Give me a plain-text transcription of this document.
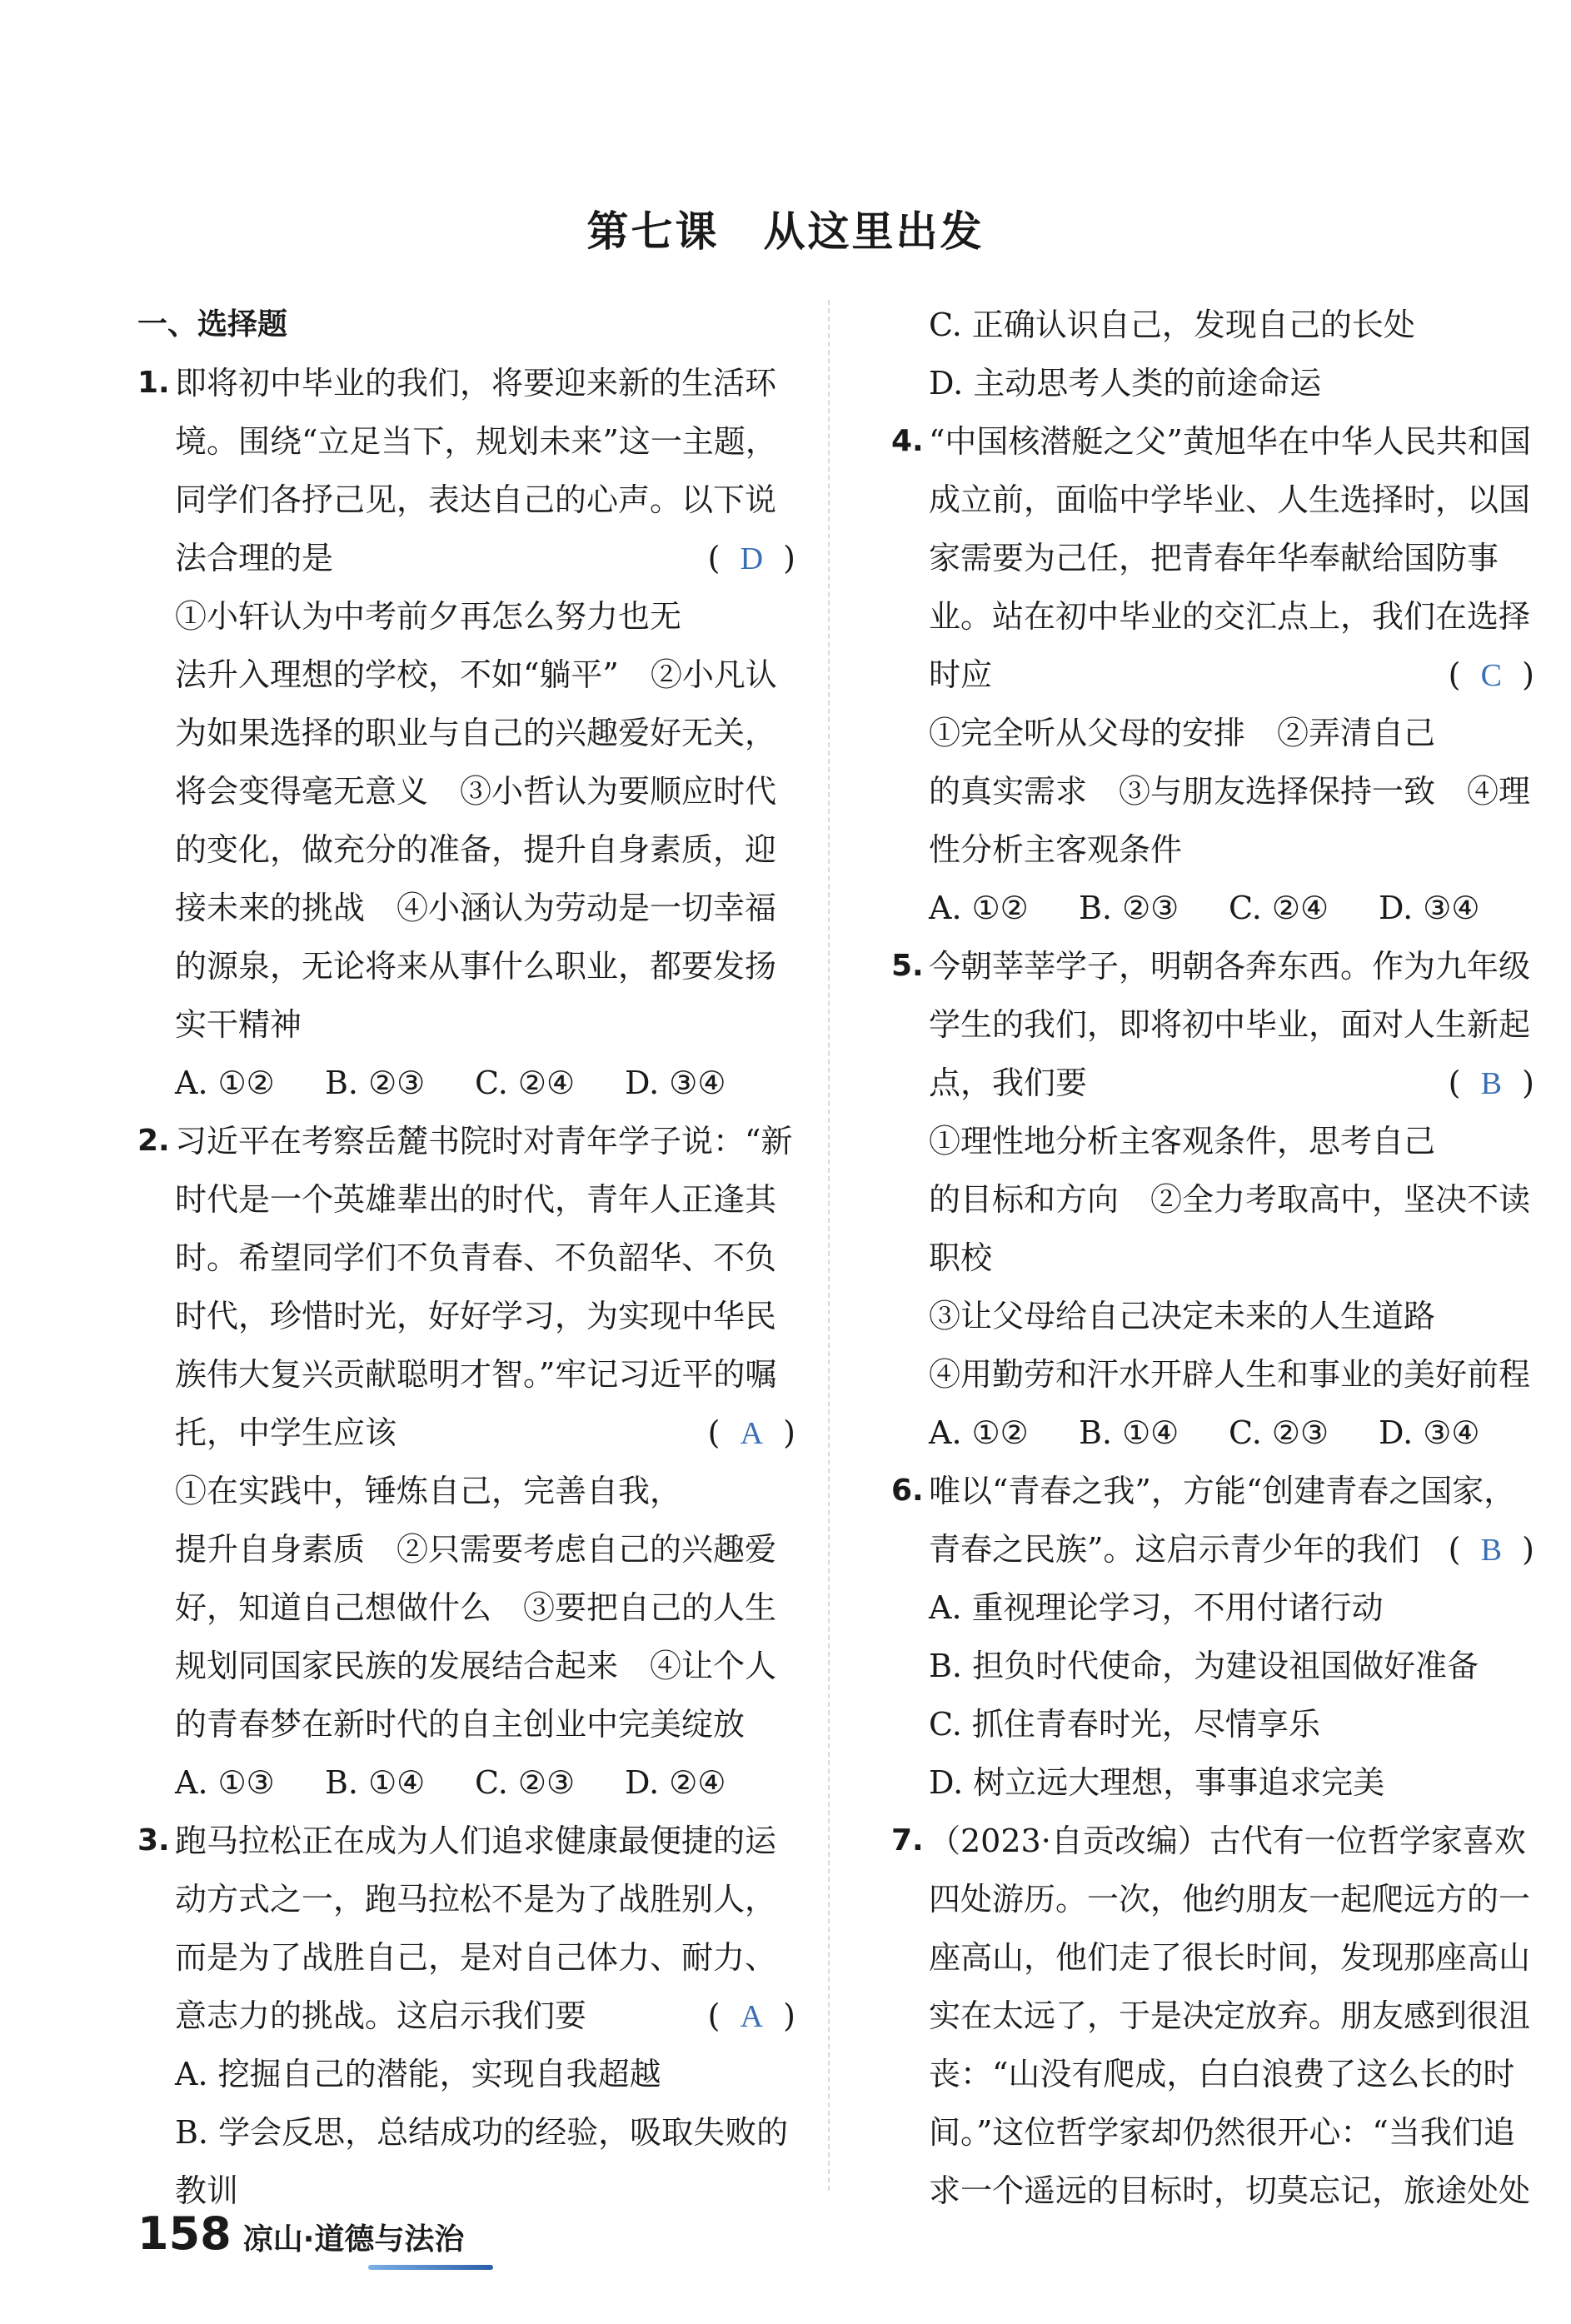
第七课　从这里出发
一、选择题
1. 即将初中毕业的我们，将要迎来新的生活环境。围绕“立足当下，规划未来”这一主题，同学们各抒己见，表达自己的心声。以下说法合理的是	(  D  )
①小轩认为中考前夕再怎么努力也无法升入理想的学校，不如“躺平”　②小凡认为如果选择的职业与自己的兴趣爱好无关，将会变得毫无意义　③小哲认为要顺应时代的变化，做充分的准备，提升自身素质，迎接未来的挑战　④小涵认为劳动是一切幸福的源泉，无论将来从事什么职业，都要发扬实干精神
A. ①②	B. ②③	C. ②④	D. ③④
2. 习近平在考察岳麓书院时对青年学子说：“新时代是一个英雄辈出的时代，青年人正逢其时。希望同学们不负青春、不负韶华、不负时代，珍惜时光，好好学习，为实现中华民族伟大复兴贡献聪明才智。”牢记习近平的嘱托，中学生应该	(  A  )
①在实践中，锤炼自己，完善自我，提升自身素质　②只需要考虑自己的兴趣爱好，知道自己想做什么　③要把自己的人生规划同国家民族的发展结合起来　④让个人的青春梦在新时代的自主创业中完美绽放
A. ①③	B. ①④	C. ②③	D. ②④
3. 跑马拉松正在成为人们追求健康最便捷的运动方式之一，跑马拉松不是为了战胜别人，而是为了战胜自己，是对自己体力、耐力、意志力的挑战。这启示我们要	(  A  )
A. 挖掘自己的潜能，实现自我超越
B. 学会反思，总结成功的经验，吸取失败的教训
C. 正确认识自己，发现自己的长处
D. 主动思考人类的前途命运
4. “中国核潜艇之父”黄旭华在中华人民共和国成立前，面临中学毕业、人生选择时，以国家需要为己任，把青春年华奉献给国防事业。站在初中毕业的交汇点上，我们在选择时应	(  C  )
①完全听从父母的安排　②弄清自己的真实需求　③与朋友选择保持一致　④理性分析主客观条件
A. ①②	B. ②③	C. ②④	D. ③④
5. 今朝莘莘学子，明朝各奔东西。作为九年级学生的我们，即将初中毕业，面对人生新起点，我们要	(  B  )
①理性地分析主客观条件，思考自己的目标和方向　②全力考取高中，坚决不读职校
③让父母给自己决定未来的人生道路
④用勤劳和汗水开辟人生和事业的美好前程
A. ①②	B. ①④	C. ②③	D. ③④
6. 唯以“青春之我”，方能“创建青春之国家，青春之民族”。这启示青少年的我们 (  B  )
A. 重视理论学习，不用付诸行动
B. 担负时代使命，为建设祖国做好准备
C. 抓住青春时光，尽情享乐
D. 树立远大理想，事事追求完美
7. （2023·自贡改编）古代有一位哲学家喜欢四处游历。一次，他约朋友一起爬远方的一座高山，他们走了很长时间，发现那座高山实在太远了，于是决定放弃。朋友感到很沮丧：“山没有爬成，白白浪费了这么长的时间。”这位哲学家却仍然很开心：“当我们追求一个遥远的目标时，切莫忘记，旅途处处
158 凉山·道德与法治
